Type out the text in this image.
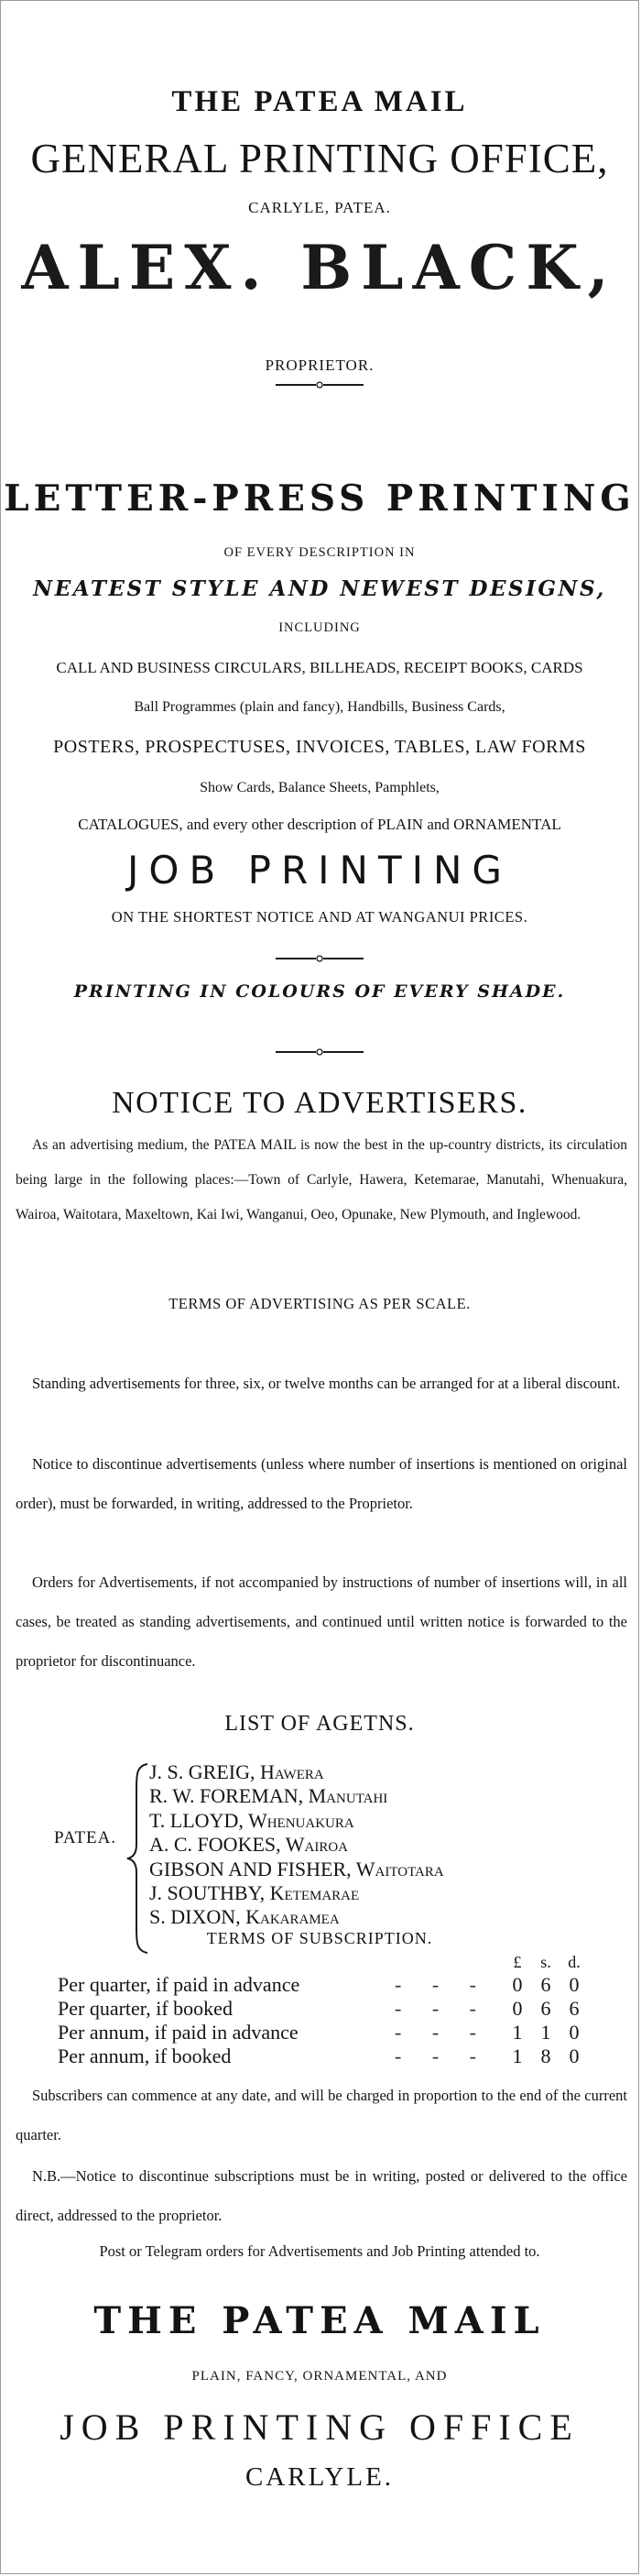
THE PATEA MAIL
GENERAL PRINTING OFFICE,
CARLYLE, PATEA.
ALEX. BLACK,
PROPRIETOR.
LETTER-PRESS PRINTING
OF EVERY DESCRIPTION IN
NEATEST STYLE AND NEWEST DESIGNS,
INCLUDING
CALL AND BUSINESS CIRCULARS, BILLHEADS, RECEIPT BOOKS, CARDS
Ball Programmes (plain and fancy), Handbills, Business Cards,
POSTERS, PROSPECTUSES, INVOICES, TABLES, LAW FORMS
Show Cards, Balance Sheets, Pamphlets,
CATALOGUES, and every other description of PLAIN and ORNAMENTAL
JOB PRINTING
ON THE SHORTEST NOTICE AND AT WANGANUI PRICES.
PRINTING IN COLOURS OF EVERY SHADE.
NOTICE TO ADVERTISERS.
As an advertising medium, the PATEA MAIL is now the best in the up-country districts, its circulation being large in the following places:—Town of Carlyle, Hawera, Ketemarae, Manutahi, Whenuakura, Wairoa, Waitotara, Maxeltown, Kai Iwi, Wanganui, Oeo, Opunake, New Plymouth, and Inglewood.
TERMS OF ADVERTISING AS PER SCALE.
Standing advertisements for three, six, or twelve months can be arranged for at a liberal discount.
Notice to discontinue advertisements (unless where number of insertions is mentioned on original order), must be forwarded, in writing, addressed to the Proprietor.
Orders for Advertisements, if not accompanied by instructions of number of insertions will, in all cases, be treated as standing advertisements, and continued until written notice is forwarded to the proprietor for discontinuance.
LIST OF AGETNS.
PATEA.
J. S. GREIG, Hawera
R. W. FOREMAN, Manutahi
T. LLOYD, Whenuakura
A. C. FOOKES, Wairoa
GIBSON AND FISHER, Waitotara
J. SOUTHBY, Ketemarae
S. DIXON, Kakaramea
TERMS OF SUBSCRIPTION.
£	s.	d.
Per quarter, if paid in advance	- - - 0 6 0
Per quarter, if booked	- - - 0 6 6
Per annum, if paid in advance	- - - 1 1 0
Per annum, if booked	- - - 1 8 0
Subscribers can commence at any date, and will be charged in proportion to the end of the current quarter.
N.B.—Notice to discontinue subscriptions must be in writing, posted or delivered to the office direct, addressed to the proprietor.
Post or Telegram orders for Advertisements and Job Printing attended to.
THE PATEA MAIL
PLAIN, FANCY, ORNAMENTAL, AND
JOB PRINTING OFFICE
CARLYLE.
